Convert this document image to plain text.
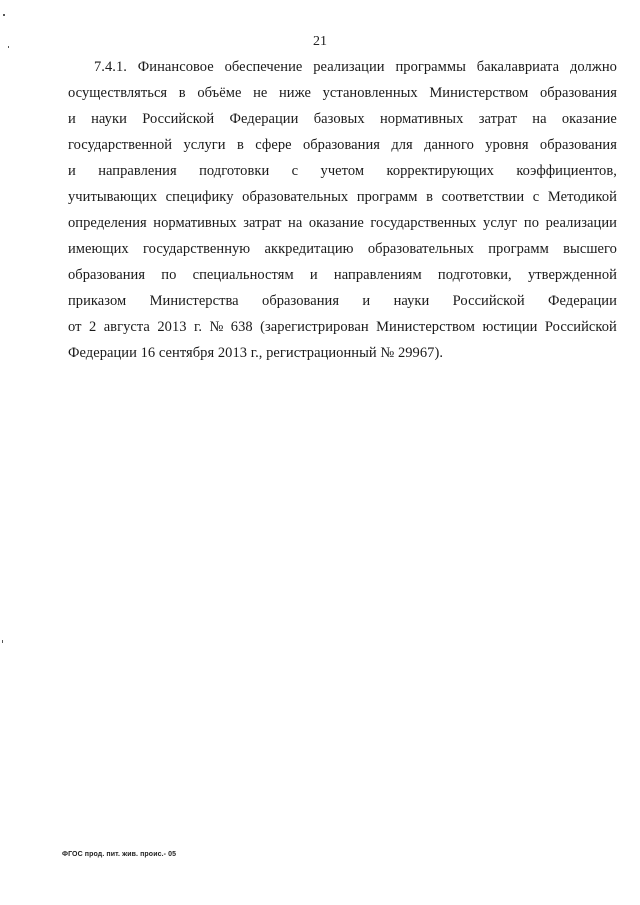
21
7.4.1. Финансовое обеспечение реализации программы бакалавриата должно
осуществляться в объёме не ниже установленных Министерством образования
и науки Российской Федерации базовых нормативных затрат на оказание
государственной услуги в сфере образования для данного уровня образования
и направления подготовки с учетом корректирующих коэффициентов,
учитывающих специфику образовательных программ в соответствии с Методикой
определения нормативных затрат на оказание государственных услуг по реализации
имеющих государственную аккредитацию образовательных программ высшего
образования по специальностям и направлениям подготовки, утвержденной
приказом Министерства образования и науки Российской Федерации
от 2 августа 2013 г. № 638 (зарегистрирован Министерством юстиции Российской
Федерации 16 сентября 2013 г., регистрационный № 29967).
ФГОС прод. пит. жив. проис.- 05
